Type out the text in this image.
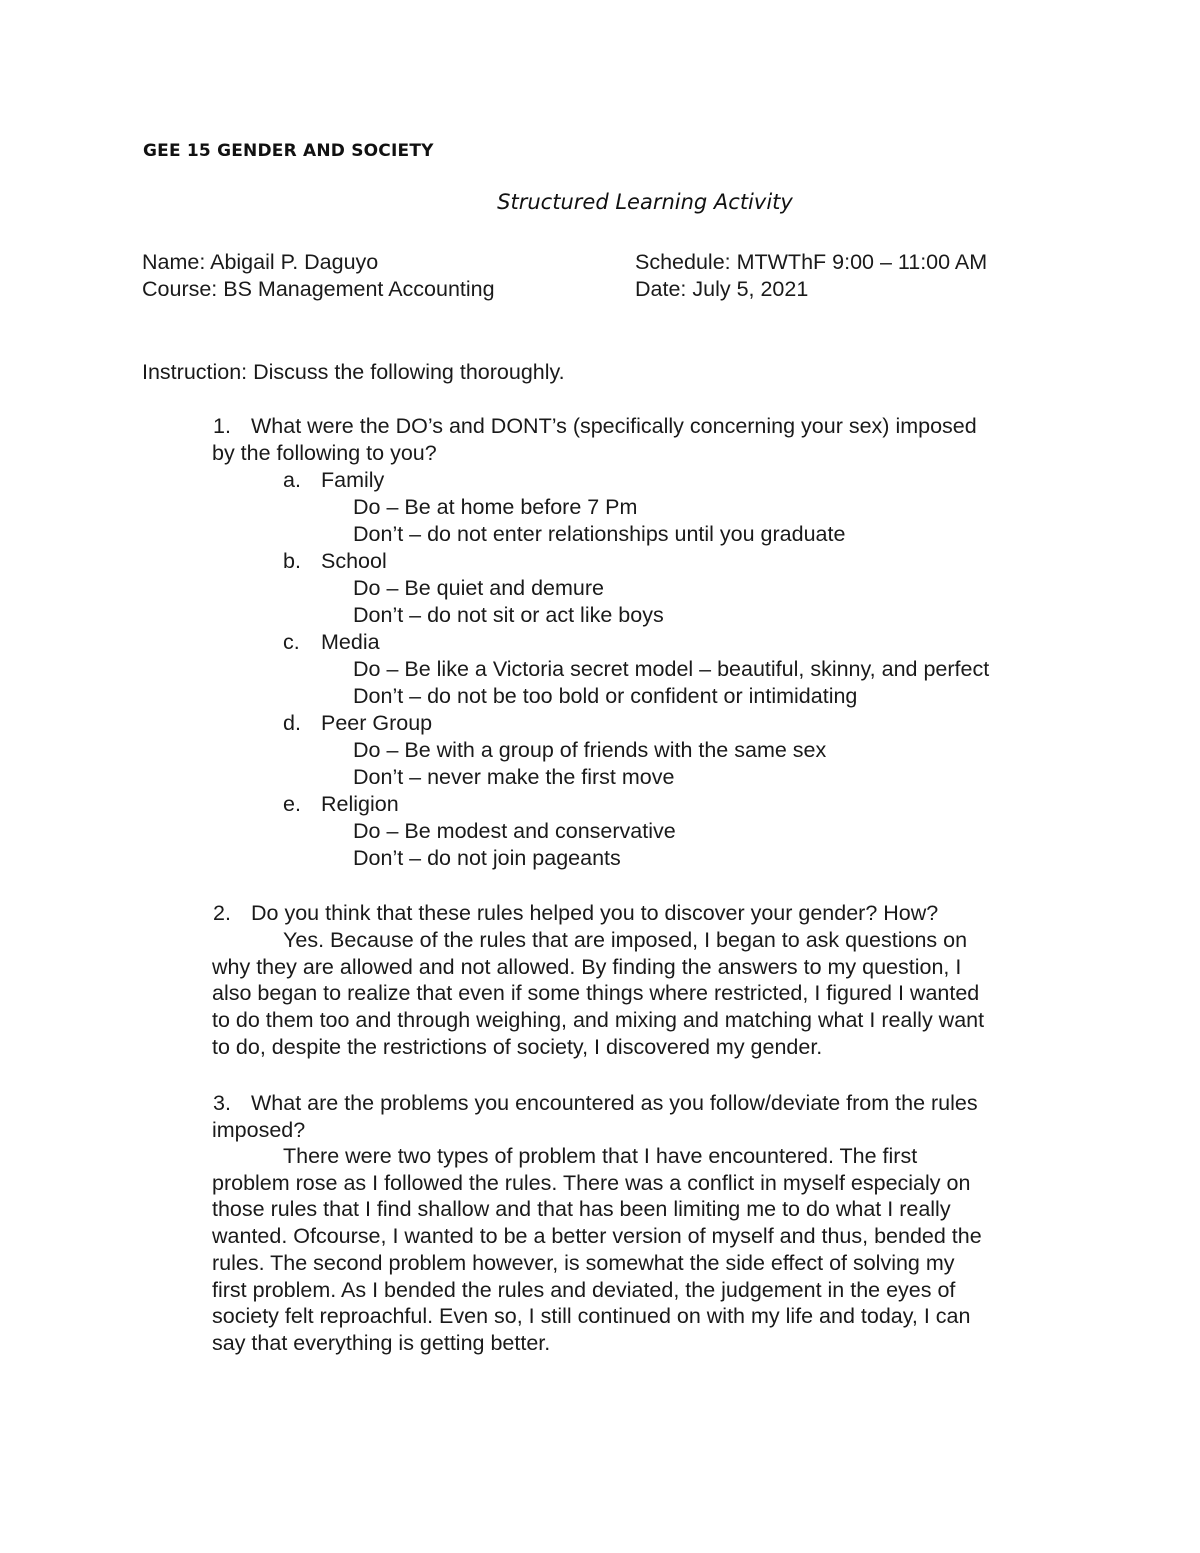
GEE 15 GENDER AND SOCIETY
Structured Learning Activity
Name: Abigail P. Daguyo
Course: BS Management Accounting
Schedule: MTWThF 9:00 – 11:00 AM
Date: July 5, 2021
Instruction: Discuss the following thoroughly.
1. What were the DO’s and DONT’s (specifically concerning your sex) imposed
by the following to you?
a. Family
Do – Be at home before 7 Pm
Don’t – do not enter relationships until you graduate
b. School
Do – Be quiet and demure
Don’t – do not sit or act like boys
c. Media
Do – Be like a Victoria secret model – beautiful, skinny, and perfect
Don’t – do not be too bold or confident or intimidating
d. Peer Group
Do – Be with a group of friends with the same sex
Don’t – never make the first move
e. Religion
Do – Be modest and conservative
Don’t – do not join pageants
2. Do you think that these rules helped you to discover your gender? How?

Yes. Because of the rules that are imposed, I began to ask questions on

why they are allowed and not allowed. By finding the answers to my question, I

also began to realize that even if some things where restricted, I figured I wanted

to do them too and through weighing, and mixing and matching what I really want

to do, despite the restrictions of society, I discovered my gender.

3. What are the problems you encountered as you follow/deviate from the rules
imposed?

There were two types of problem that I have encountered. The first

problem rose as I followed the rules. There was a conflict in myself especialy on

those rules that I find shallow and that has been limiting me to do what I really

wanted. Ofcourse, I wanted to be a better version of myself and thus, bended the

rules. The second problem however, is somewhat the side effect of solving my

first problem. As I bended the rules and deviated, the judgement in the eyes of

society felt reproachful. Even so, I still continued on with my life and today, I can

say that everything is getting better.
